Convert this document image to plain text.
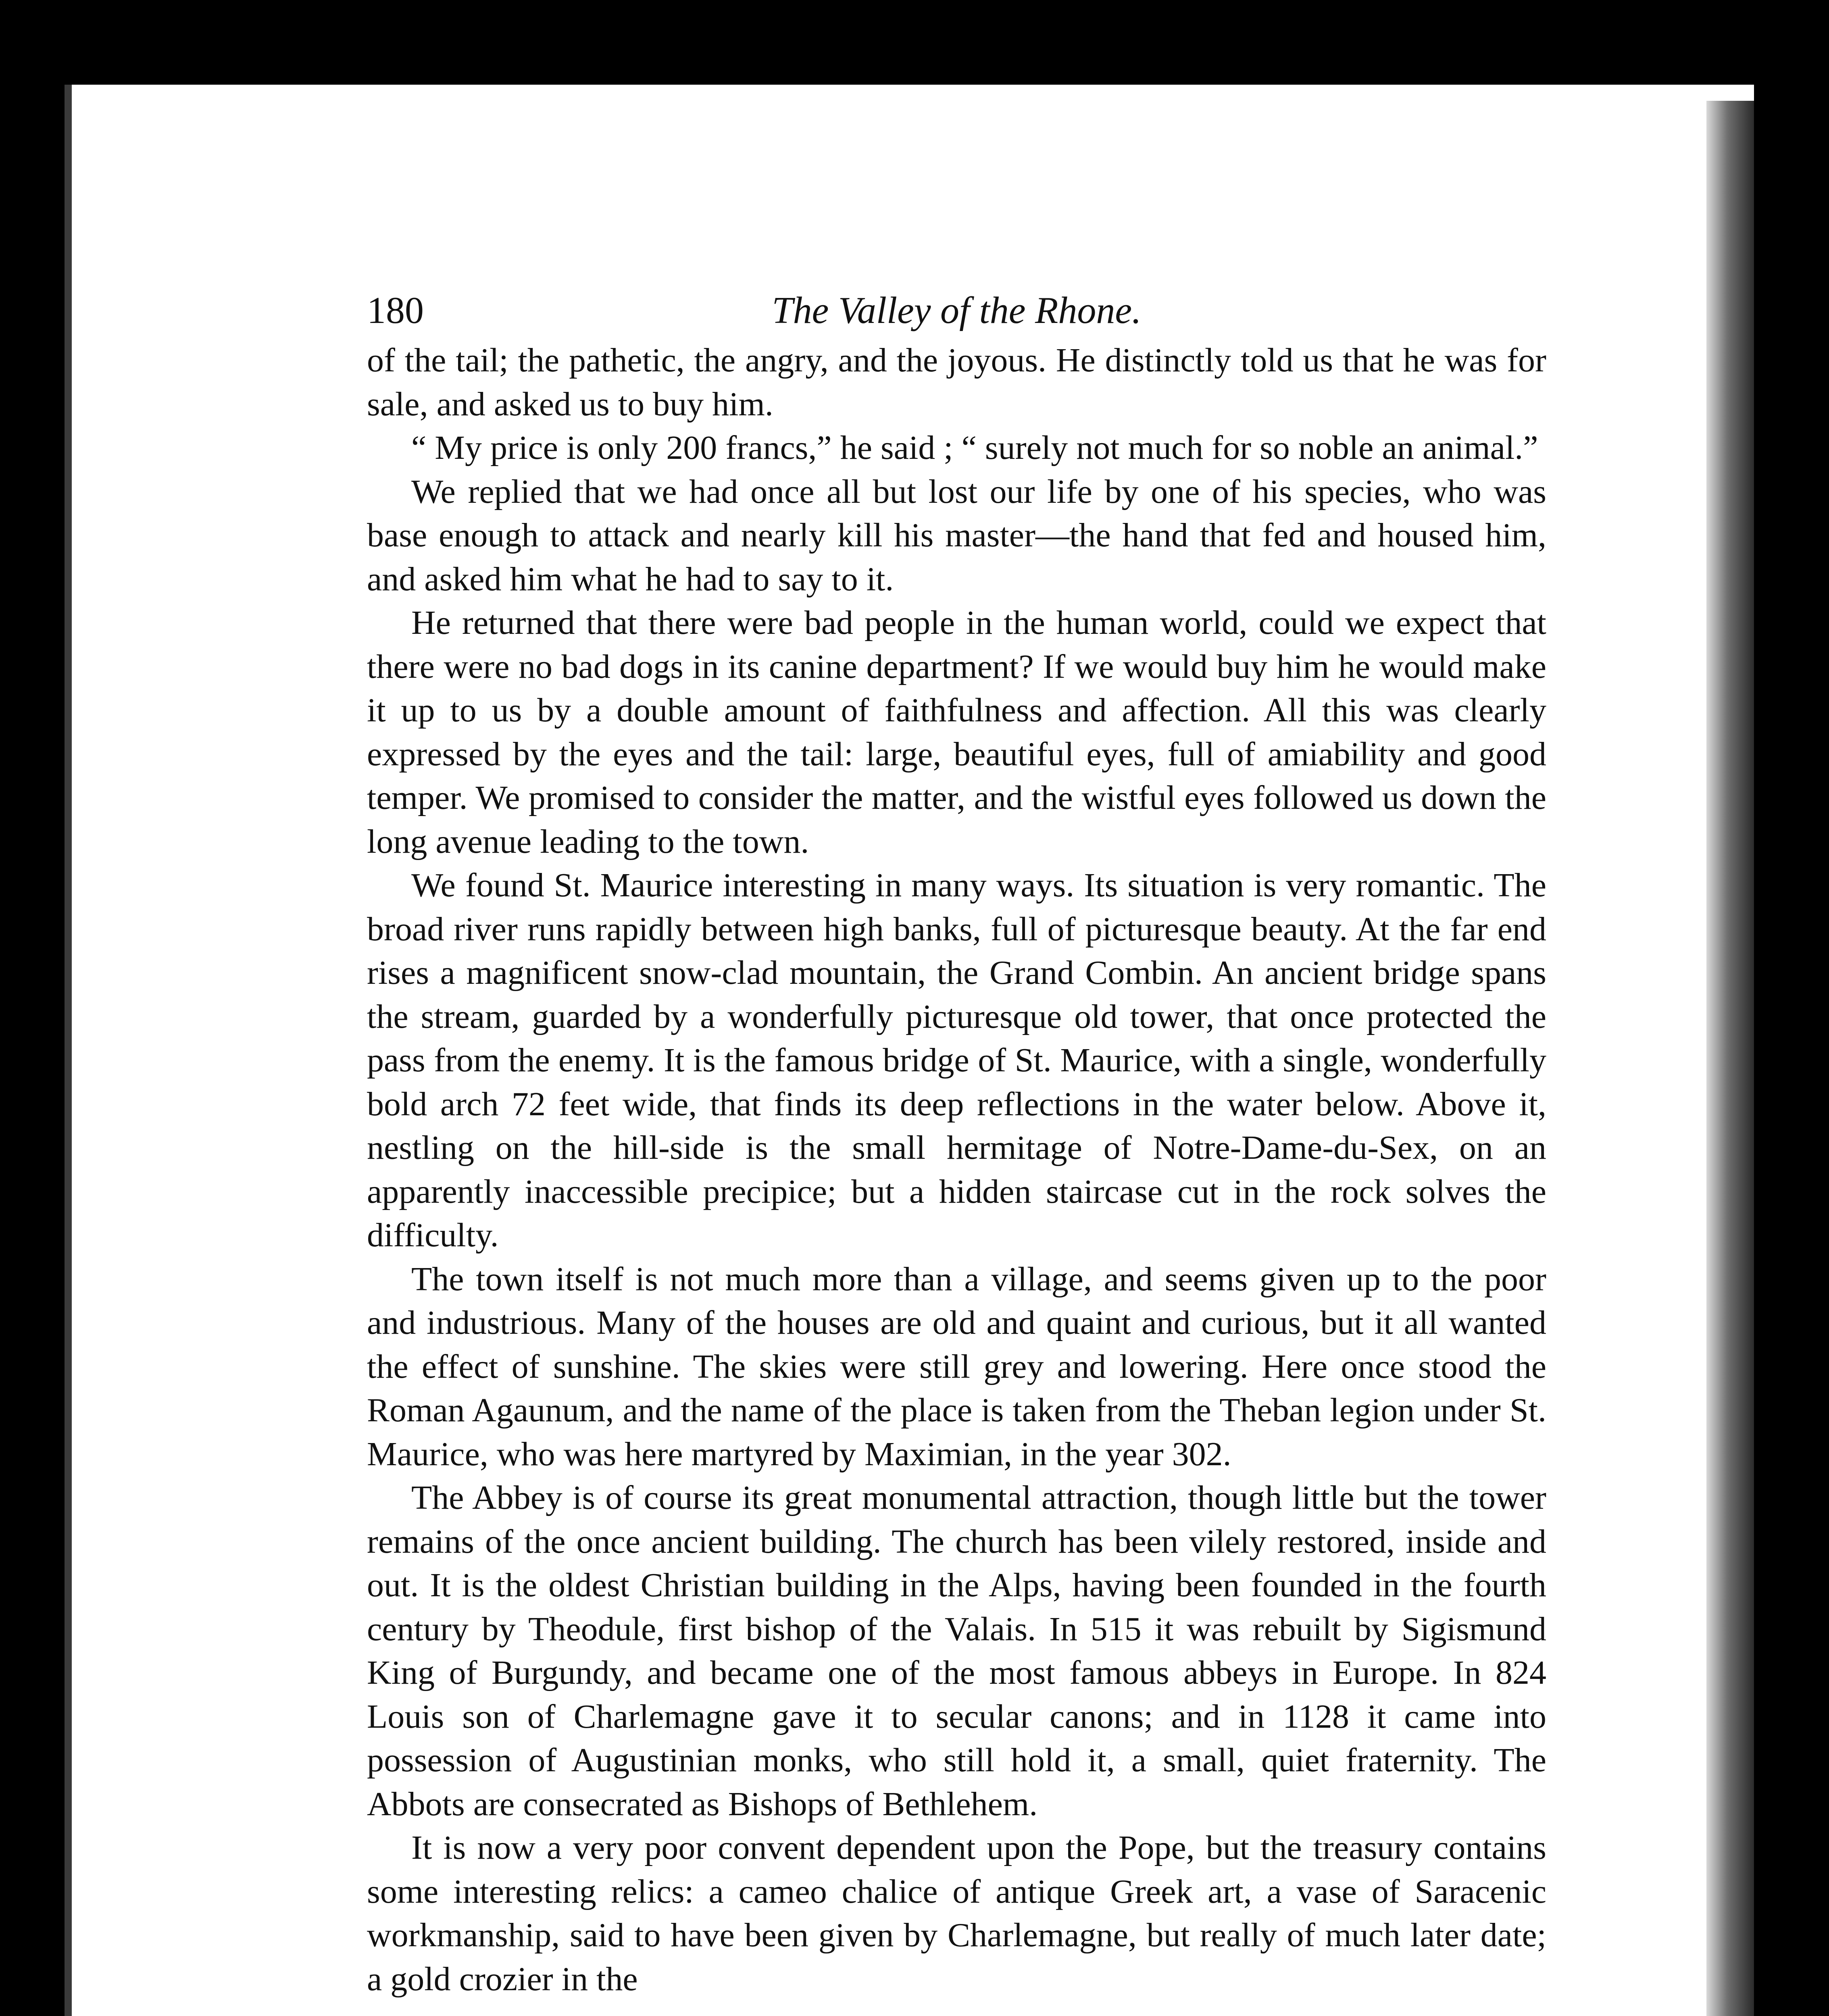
180	The Valley of the Rhone.

of the tail; the pathetic, the angry, and the joyous. He distinctly told us that he was for sale, and asked us to buy him.

“ My price is only 200 francs,” he said ; “ surely not much for so noble an animal.”

We replied that we had once all but lost our life by one of his species, who was base enough to attack and nearly kill his master—the hand that fed and housed him, and asked him what he had to say to it.

He returned that there were bad people in the human world, could we expect that there were no bad dogs in its canine department? If we would buy him he would make it up to us by a double amount of faithfulness and affection. All this was clearly expressed by the eyes and the tail: large, beautiful eyes, full of amiability and good temper. We promised to consider the matter, and the wistful eyes followed us down the long avenue leading to the town.

We found St. Maurice interesting in many ways. Its situation is very romantic. The broad river runs rapidly between high banks, full of picturesque beauty. At the far end rises a magnificent snow-clad mountain, the Grand Combin. An ancient bridge spans the stream, guarded by a wonderfully picturesque old tower, that once protected the pass from the enemy. It is the famous bridge of St. Maurice, with a single, wonderfully bold arch 72 feet wide, that finds its deep reflections in the water below. Above it, nestling on the hill-side is the small hermitage of Notre-Dame-du-Sex, on an apparently inaccessible precipice; but a hidden staircase cut in the rock solves the difficulty.

The town itself is not much more than a village, and seems given up to the poor and industrious. Many of the houses are old and quaint and curious, but it all wanted the effect of sunshine. The skies were still grey and lowering. Here once stood the Roman Agaunum, and the name of the place is taken from the Theban legion under St. Maurice, who was here martyred by Maximian, in the year 302.

The Abbey is of course its great monumental attraction, though little but the tower remains of the once ancient building. The church has been vilely restored, inside and out. It is the oldest Christian building in the Alps, having been founded in the fourth century by Theodule, first bishop of the Valais. In 515 it was rebuilt by Sigismund King of Burgundy, and became one of the most famous abbeys in Europe. In 824 Louis son of Charlemagne gave it to secular canons; and in 1128 it came into possession of Augustinian monks, who still hold it, a small, quiet fraternity. The Abbots are consecrated as Bishops of Bethlehem.

It is now a very poor convent dependent upon the Pope, but the treasury contains some interesting relics: a cameo chalice of antique Greek art, a vase of Saracenic workmanship, said to have been given by Charlemagne, but really of much later date; a gold crozier in the
